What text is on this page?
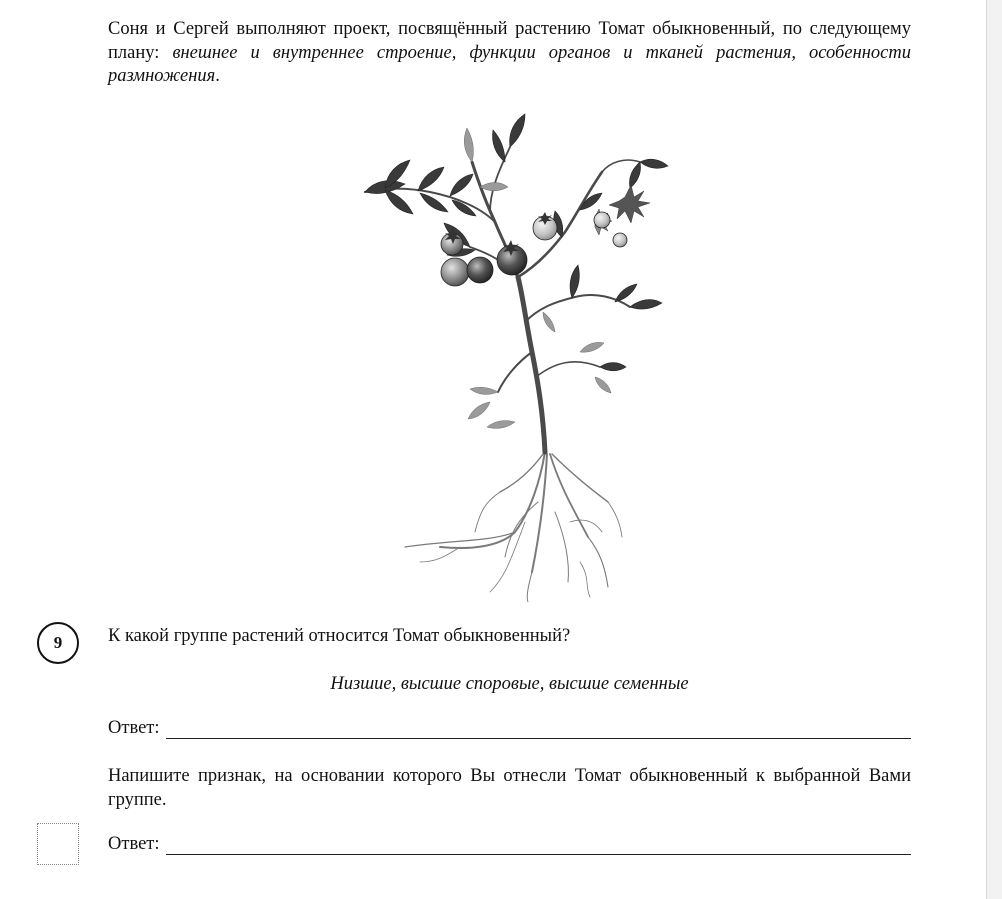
Соня и Сергей выполняют проект, посвящённый растению Томат обыкновенный, по следующему плану: внешнее и внутреннее строение, функции органов и тканей растения, особенности размножения.

9	К какой группе растений относится Томат обыкновенный?
Низшие, высшие споровые, высшие семенные
Ответ:
Напишите признак, на основании которого Вы отнесли Томат обыкновенный к выбранной Вами группе.
Ответ:
